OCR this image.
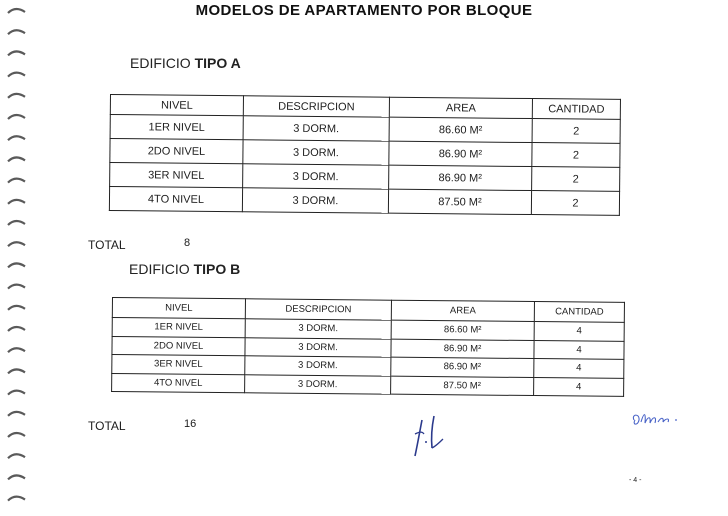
MODELOS DE APARTAMENTO POR BLOQUE
EDIFICIO TIPO A
NIVEL	DESCRIPCION	AREA	CANTIDAD
1ER NIVEL	3 DORM.	86.60 M²	2
2DO NIVEL	3 DORM.	86.90 M²	2
3ER NIVEL	3 DORM.	86.90 M²	2
4TO NIVEL	3 DORM.	87.50 M²	2
TOTAL	8
EDIFICIO TIPO B
NIVEL	DESCRIPCION	AREA	CANTIDAD
1ER NIVEL	3 DORM.	86.60 M²	4
2DO NIVEL	3 DORM.	86.90 M²	4
3ER NIVEL	3 DORM.	86.90 M²	4
4TO NIVEL	3 DORM.	87.50 M²	4
TOTAL	16
- 4 -
